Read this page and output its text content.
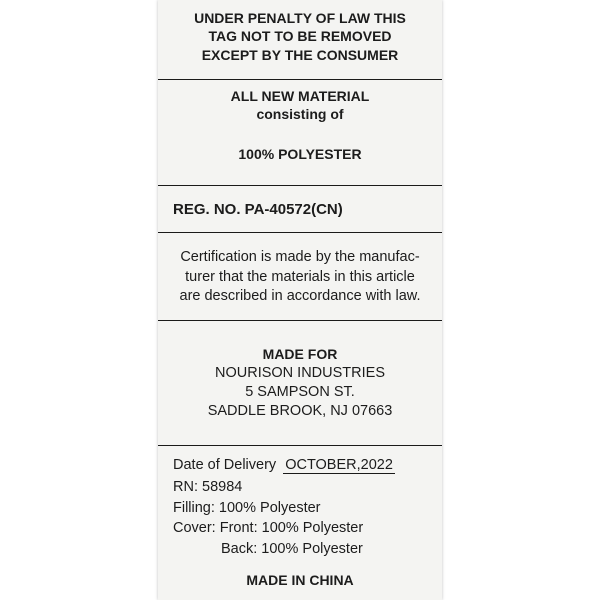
UNDER PENALTY OF LAW THIS
TAG NOT TO BE REMOVED
EXCEPT BY THE CONSUMER
ALL NEW MATERIAL
consisting of
100% POLYESTER
REG. NO. PA-40572(CN)
Certification is made by the manufac-
turer that the materials in this article
are described in accordance with law.
MADE FOR
NOURISON INDUSTRIES
5 SAMPSON ST.
SADDLE BROOK, NJ 07663
Date of Delivery OCTOBER,2022
RN: 58984
Filling: 100% Polyester
Cover: Front: 100% Polyester
Back: 100% Polyester
MADE IN CHINA
